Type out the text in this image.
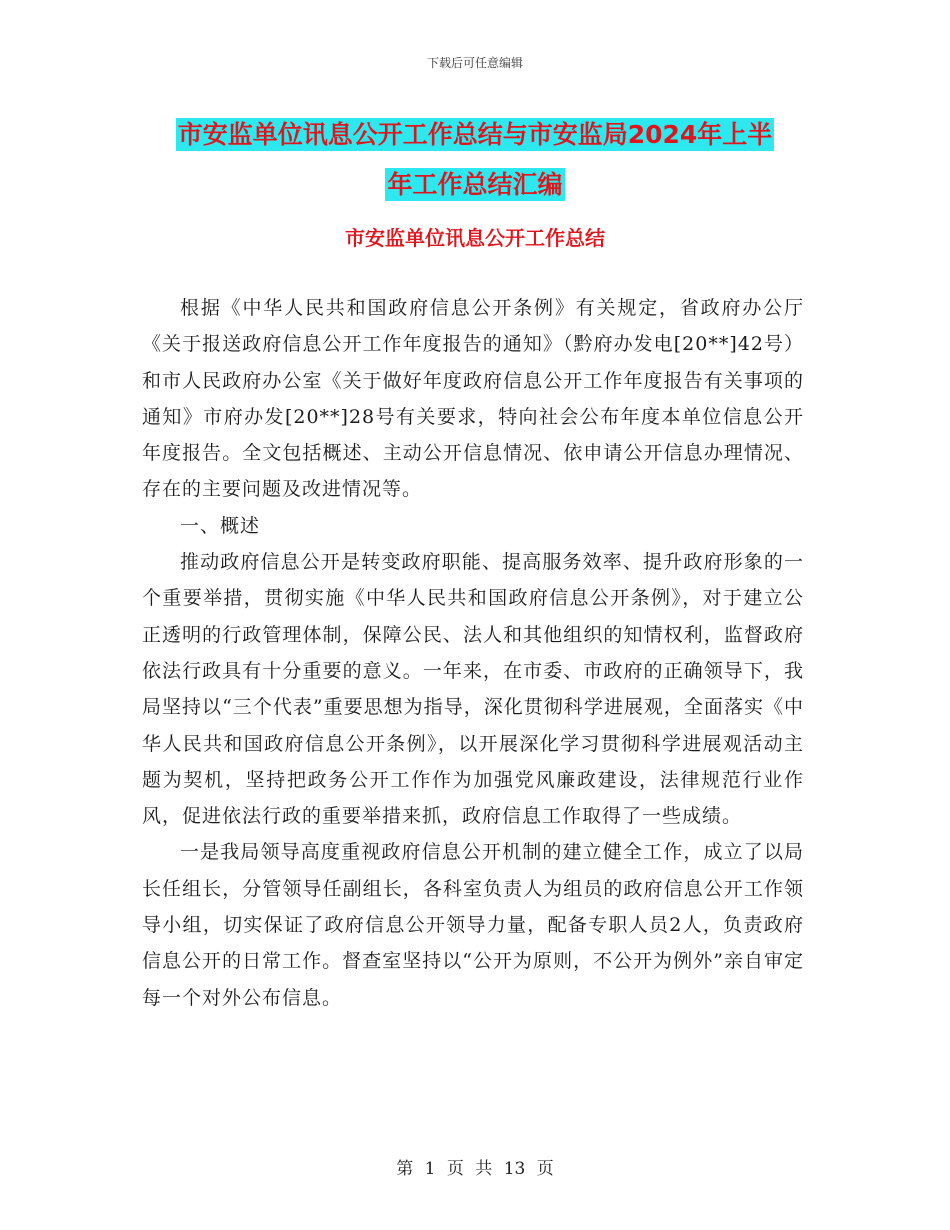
下载后可任意编辑
市安监单位讯息公开工作总结与市安监局2024年上半
年工作总结汇编
市安监单位讯息公开工作总结

根据《中华人民共和国政府信息公开条例》有关规定，省政府办公厅《关于报送政府信息公开工作年度报告的通知》（黔府办发电[20**]42号）和市人民政府办公室《关于做好年度政府信息公开工作年度报告有关事项的通知》市府办发[20**]28号有关要求，特向社会公布年度本单位信息公开年度报告。全文包括概述、主动公开信息情况、依申请公开信息办理情况、存在的主要问题及改进情况等。

一、概述

推动政府信息公开是转变政府职能、提高服务效率、提升政府形象的一个重要举措，贯彻实施《中华人民共和国政府信息公开条例》，对于建立公正透明的行政管理体制，保障公民、法人和其他组织的知情权利，监督政府依法行政具有十分重要的意义。一年来，在市委、市政府的正确领导下，我局坚持以“三个代表”重要思想为指导，深化贯彻科学进展观，全面落实《中华人民共和国政府信息公开条例》，以开展深化学习贯彻科学进展观活动主题为契机，坚持把政务公开工作作为加强党风廉政建设，法律规范行业作风，促进依法行政的重要举措来抓，政府信息工作取得了一些成绩。

一是我局领导高度重视政府信息公开机制的建立健全工作，成立了以局长任组长，分管领导任副组长，各科室负责人为组员的政府信息公开工作领导小组，切实保证了政府信息公开领导力量，配备专职人员2人，负责政府信息公开的日常工作。督查室坚持以“公开为原则，不公开为例外”亲自审定每一个对外公布信息。

第 1 页 共 13 页
